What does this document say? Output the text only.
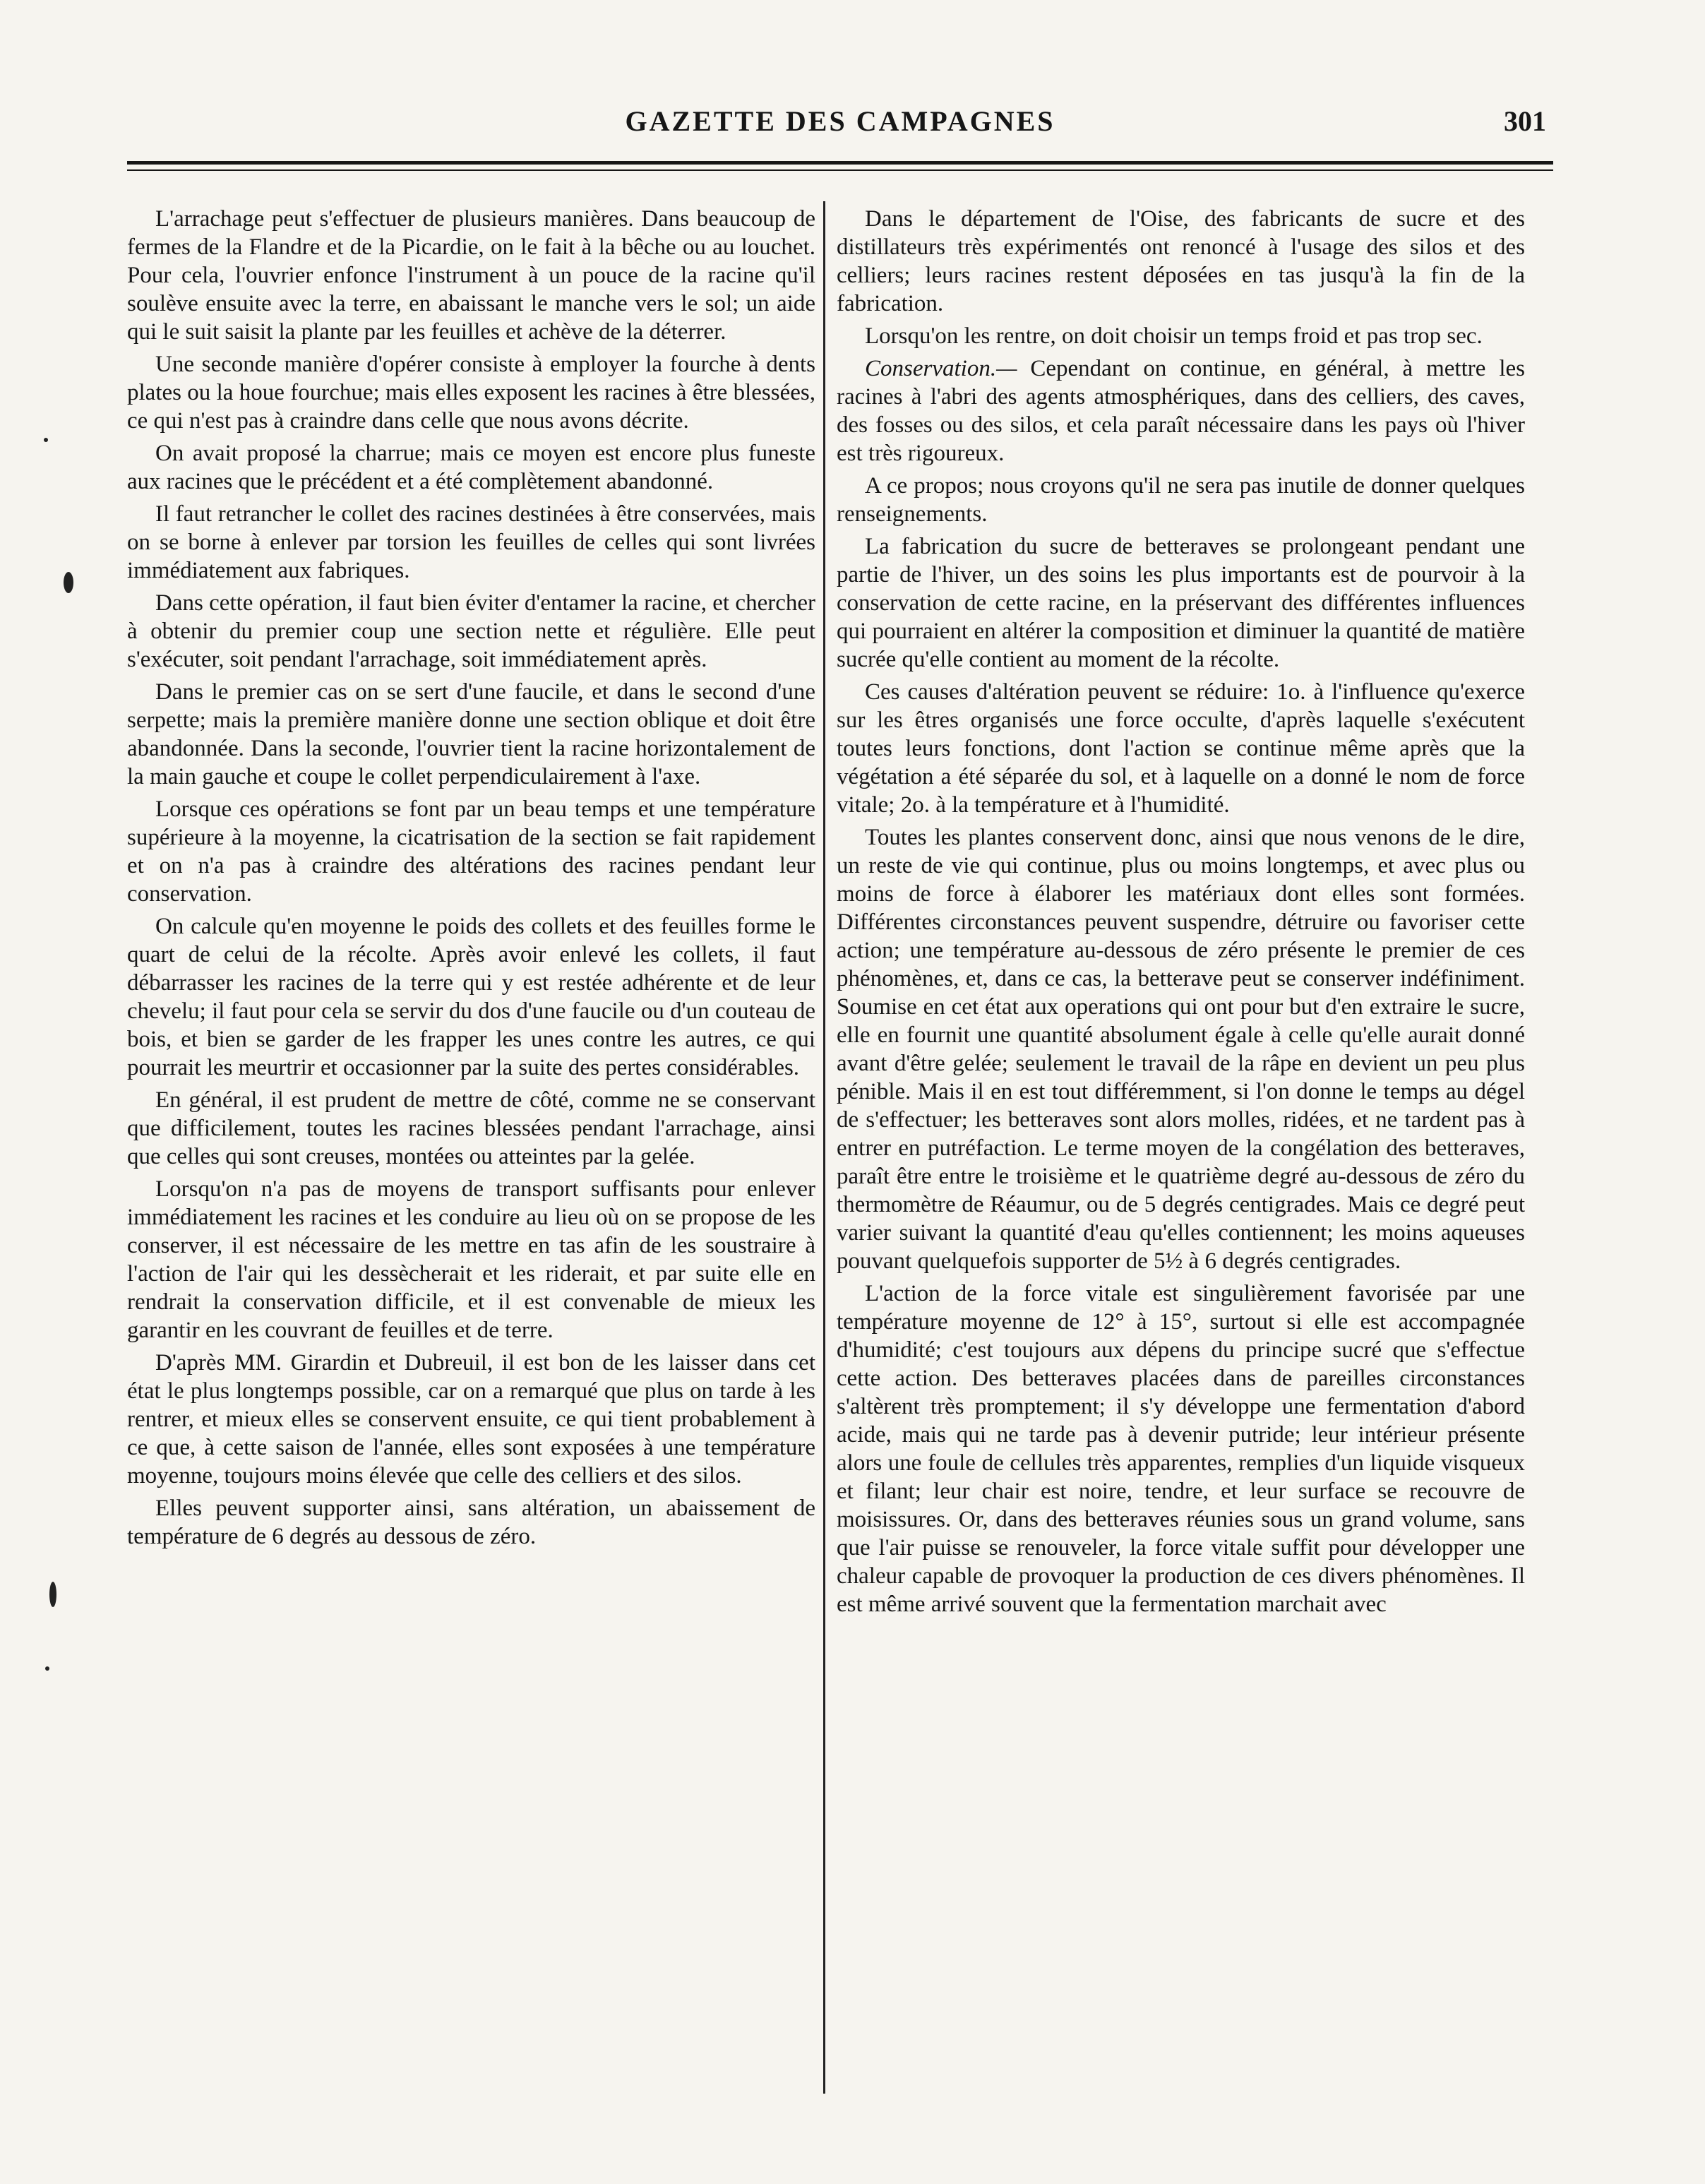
GAZETTE DES CAMPAGNES	301

L'arrachage peut s'effectuer de plusieurs manières. Dans beaucoup de fermes de la Flandre et de la Picardie, on le fait à la bêche ou au louchet. Pour cela, l'ouvrier enfonce l'instrument à un pouce de la racine qu'il soulève ensuite avec la terre, en abaissant le manche vers le sol; un aide qui le suit saisit la plante par les feuilles et achève de la déterrer.

Une seconde manière d'opérer consiste à employer la fourche à dents plates ou la houe fourchue; mais elles exposent les racines à être blessées, ce qui n'est pas à craindre dans celle que nous avons décrite.

On avait proposé la charrue; mais ce moyen est encore plus funeste aux racines que le précédent et a été complètement abandonné.

Il faut retrancher le collet des racines destinées à être conservées, mais on se borne à enlever par torsion les feuilles de celles qui sont livrées immédiatement aux fabriques.

Dans cette opération, il faut bien éviter d'entamer la racine, et chercher à obtenir du premier coup une section nette et régulière. Elle peut s'exécuter, soit pendant l'arrachage, soit immédiatement après.

Dans le premier cas on se sert d'une faucile, et dans le second d'une serpette; mais la première manière donne une section oblique et doit être abandonnée. Dans la seconde, l'ouvrier tient la racine horizontalement de la main gauche et coupe le collet perpendiculairement à l'axe.

Lorsque ces opérations se font par un beau temps et une température supérieure à la moyenne, la cicatrisation de la section se fait rapidement et on n'a pas à craindre des altérations des racines pendant leur conservation.

On calcule qu'en moyenne le poids des collets et des feuilles forme le quart de celui de la récolte. Après avoir enlevé les collets, il faut débarrasser les racines de la terre qui y est restée adhérente et de leur chevelu; il faut pour cela se servir du dos d'une faucile ou d'un couteau de bois, et bien se garder de les frapper les unes contre les autres, ce qui pourrait les meurtrir et occasionner par la suite des pertes considérables.

En général, il est prudent de mettre de côté, comme ne se conservant que difficilement, toutes les racines blessées pendant l'arrachage, ainsi que celles qui sont creuses, montées ou atteintes par la gelée.

Lorsqu'on n'a pas de moyens de transport suffisants pour enlever immédiatement les racines et les conduire au lieu où on se propose de les conserver, il est nécessaire de les mettre en tas afin de les soustraire à l'action de l'air qui les dessècherait et les riderait, et par suite elle en rendrait la conservation difficile, et il est convenable de mieux les garantir en les couvrant de feuilles et de terre.

D'après MM. Girardin et Dubreuil, il est bon de les laisser dans cet état le plus longtemps possible, car on a remarqué que plus on tarde à les rentrer, et mieux elles se conservent ensuite, ce qui tient probablement à ce que, à cette saison de l'année, elles sont exposées à une température moyenne, toujours moins élevée que celle des celliers et des silos.

Elles peuvent supporter ainsi, sans altération, un abaissement de température de 6 degrés au dessous de zéro.

Dans le département de l'Oise, des fabricants de sucre et des distillateurs très expérimentés ont renoncé à l'usage des silos et des celliers; leurs racines restent déposées en tas jusqu'à la fin de la fabrication.

Lorsqu'on les rentre, on doit choisir un temps froid et pas trop sec.

Conservation.— Cependant on continue, en général, à mettre les racines à l'abri des agents atmosphériques, dans des celliers, des caves, des fosses ou des silos, et cela paraît nécessaire dans les pays où l'hiver est très rigoureux.

A ce propos; nous croyons qu'il ne sera pas inutile de donner quelques renseignements.

La fabrication du sucre de betteraves se prolongeant pendant une partie de l'hiver, un des soins les plus importants est de pourvoir à la conservation de cette racine, en la préservant des différentes influences qui pourraient en altérer la composition et diminuer la quantité de matière sucrée qu'elle contient au moment de la récolte.

Ces causes d'altération peuvent se réduire: 1o. à l'influence qu'exerce sur les êtres organisés une force occulte, d'après laquelle s'exécutent toutes leurs fonctions, dont l'action se continue même après que la végétation a été séparée du sol, et à laquelle on a donné le nom de force vitale; 2o. à la température et à l'humidité.

Toutes les plantes conservent donc, ainsi que nous venons de le dire, un reste de vie qui continue, plus ou moins longtemps, et avec plus ou moins de force à élaborer les matériaux dont elles sont formées. Différentes circonstances peuvent suspendre, détruire ou favoriser cette action; une température au-dessous de zéro présente le premier de ces phénomènes, et, dans ce cas, la betterave peut se conserver indéfiniment. Soumise en cet état aux operations qui ont pour but d'en extraire le sucre, elle en fournit une quantité absolument égale à celle qu'elle aurait donné avant d'être gelée; seulement le travail de la râpe en devient un peu plus pénible. Mais il en est tout différemment, si l'on donne le temps au dégel de s'effectuer; les betteraves sont alors molles, ridées, et ne tardent pas à entrer en putréfaction. Le terme moyen de la congélation des betteraves, paraît être entre le troisième et le quatrième degré au-dessous de zéro du thermomètre de Réaumur, ou de 5 degrés centigrades. Mais ce degré peut varier suivant la quantité d'eau qu'elles contiennent; les moins aqueuses pouvant quelquefois supporter de 5½ à 6 degrés centigrades.

L'action de la force vitale est singulièrement favorisée par une température moyenne de 12° à 15°, surtout si elle est accompagnée d'humidité; c'est toujours aux dépens du principe sucré que s'effectue cette action. Des betteraves placées dans de pareilles circonstances s'altèrent très promptement; il s'y développe une fermentation d'abord acide, mais qui ne tarde pas à devenir putride; leur intérieur présente alors une foule de cellules très apparentes, remplies d'un liquide visqueux et filant; leur chair est noire, tendre, et leur surface se recouvre de moisissures. Or, dans des betteraves réunies sous un grand volume, sans que l'air puisse se renouveler, la force vitale suffit pour développer une chaleur capable de provoquer la production de ces divers phénomènes. Il est même arrivé souvent que la fermentation marchait avec
